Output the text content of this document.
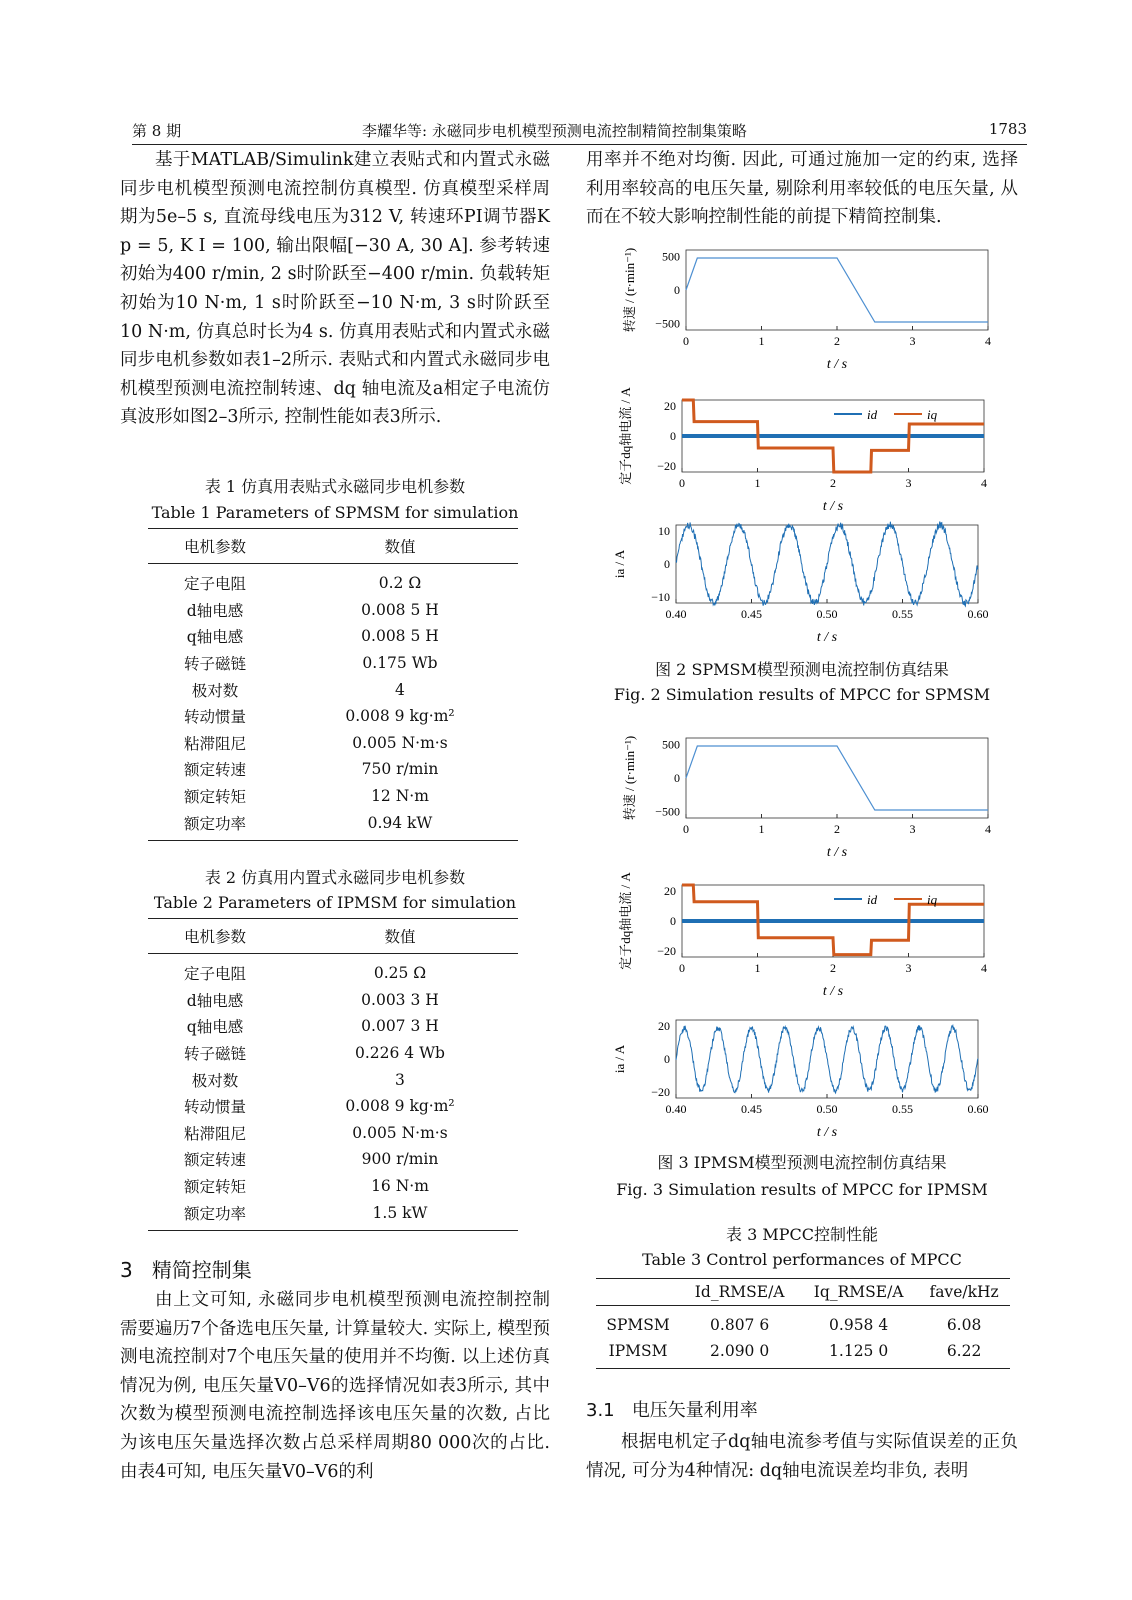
第 8 期	李耀华等: 永磁同步电机模型预测电流控制精简控制集策略	1783

基于MATLAB/Simulink建立表贴式和内置式永磁同步电机模型预测电流控制仿真模型. 仿真模型采样周期为5e–5 s, 直流母线电压为312 V, 转速环PI调节器K p = 5, K I = 100, 输出限幅[−30 A, 30 A]. 参考转速初始为400 r/min, 2 s时阶跃至−400 r/min. 负载转矩初始为10 N·m, 1 s时阶跃至−10 N·m, 3 s时阶跃至10 N·m, 仿真总时长为4 s. 仿真用表贴式和内置式永磁同步电机参数如表1–2所示. 表贴式和内置式永磁同步电机模型预测电流控制转速、dq 轴电流及a相定子电流仿真波形如图2–3所示, 控制性能如表3所示.

表 1 仿真用表贴式永磁同步电机参数
Table 1 Parameters of SPMSM for simulation
电机参数	数值
定子电阻	0.2 Ω
d轴电感	0.008 5 H
q轴电感	0.008 5 H
转子磁链	0.175 Wb
极对数	4
转动惯量	0.008 9 kg·m²
粘滞阻尼	0.005 N·m·s
额定转速	750 r/min
额定转矩	12 N·m
额定功率	0.94 kW
表 2 仿真用内置式永磁同步电机参数
Table 2 Parameters of IPMSM for simulation
电机参数	数值
定子电阻	0.25 Ω
d轴电感	0.003 3 H
q轴电感	0.007 3 H
转子磁链	0.226 4 Wb
极对数	3
转动惯量	0.008 9 kg·m²
粘滞阻尼	0.005 N·m·s
额定转速	900 r/min
额定转矩	16 N·m
额定功率	1.5 kW
3 精简控制集

由上文可知, 永磁同步电机模型预测电流控制控制需要遍历7个备选电压矢量, 计算量较大. 实际上, 模型预测电流控制对7个电压矢量的使用并不均衡. 以上述仿真情况为例, 电压矢量V0–V6的选择情况如表3所示, 其中次数为模型预测电流控制选择该电压矢量的次数, 占比为该电压矢量选择次数占总采样周期80 000次的占比. 由表4可知, 电压矢量V0–V6的利

用率并不绝对均衡. 因此, 可通过施加一定的约束, 选择利用率较高的电压矢量, 剔除利用率较低的电压矢量, 从而在不较大影响控制性能的前提下精简控制集.

0	1	2	3	4
500
0
−500
t / s
转速 / (r·min⁻¹)
0	1	2	3	4
20
0
−20
t / s
定子dq轴电流 / A	id	iq
0.40	0.45	0.50	0.55	0.60
10
0
−10
t / s
ia / A
0	1	2	3	4
500
0
−500
t / s
转速 / (r·min⁻¹)
0	1	2	3	4
20
0
−20
t / s
定子dq轴电流 / A	id	iq
0.40	0.45	0.50	0.55	0.60
20
0
−20
t / s
ia / A
图 2 SPMSM模型预测电流控制仿真结果
Fig. 2 Simulation results of MPCC for SPMSM
图 3 IPMSM模型预测电流控制仿真结果
Fig. 3 Simulation results of MPCC for IPMSM
表 3 MPCC控制性能
Table 3 Control performances of MPCC
	Id_RMSE/A	Iq_RMSE/A	fave/kHz
SPMSM	0.807 6	0.958 4	6.08
IPMSM	2.090 0	1.125 0	6.22
3.1 电压矢量利用率

根据电机定子dq轴电流参考值与实际值误差的正负情况, 可分为4种情况: dq轴电流误差均非负, 表明
